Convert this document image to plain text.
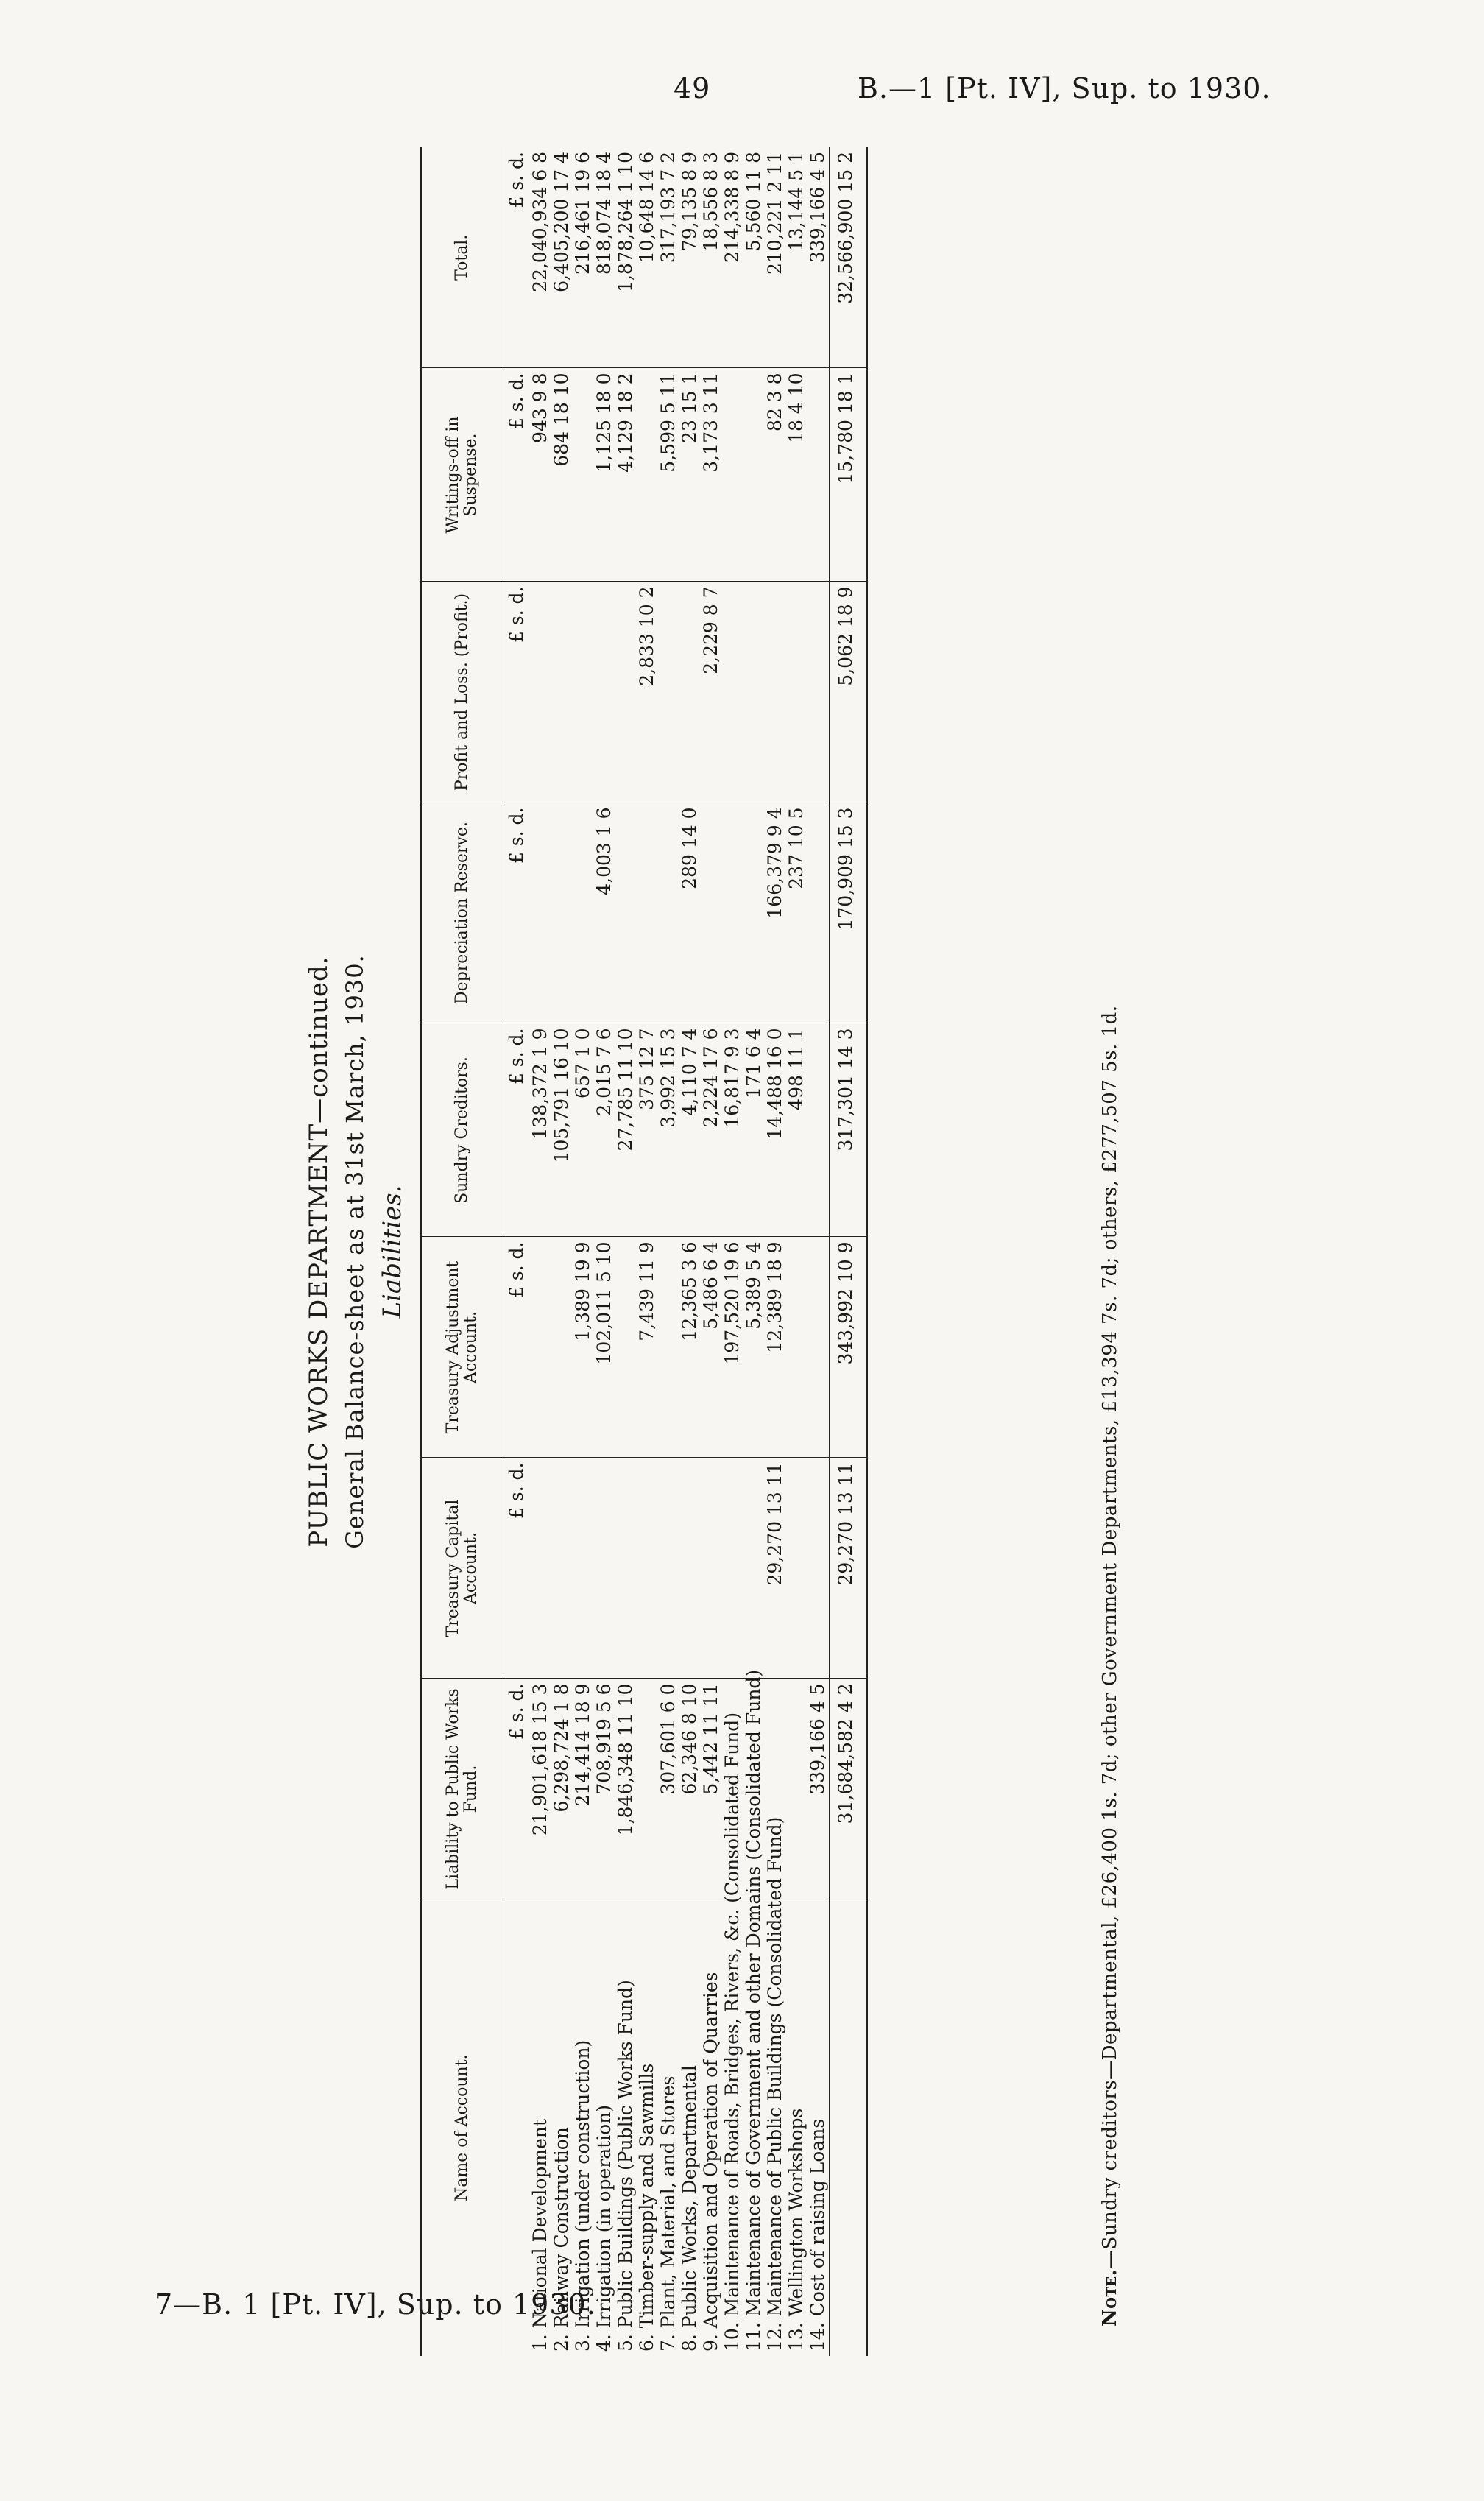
49	B.—1 [Pt. IV], Sup. to 1930.
7—B. 1 [Pt. IV], Sup. to 1930.
PUBLIC WORKS DEPARTMENT—continued. General Balance-sheet as at 31st March, 1930. Liabilities.
Name of Account.	Liability to Public Works Fund.	Treasury Capital Account.	Treasury Adjustment Account.	Sundry Creditors.	Depreciation Reserve.	Profit and Loss. (Profit.)	Writings-off in Suspense.	Total.
	£ s. d.	£ s. d.	£ s. d.	£ s. d.	£ s. d.	£ s. d.	£ s. d.	£ s. d.
1. National Development	21,901,618 15 3			138,372 1 9			943 9 8	22,040,934 6 8
2. Railway Construction	6,298,724 1 8			105,791 16 10			684 18 10	6,405,200 17 4
3. Irrigation (under construction)	214,414 18 9		1,389 19 9	657 1 0				216,461 19 6
4. Irrigation (in operation)	708,919 5 6		102,011 5 10	2,015 7 6	4,003 1 6		1,125 18 0	818,074 18 4
5. Public Buildings (Public Works Fund)	1,846,348 11 10			27,785 11 10			4,129 18 2	1,878,264 1 10
6. Timber-supply and Sawmills			7,439 11 9	375 12 7		2,833 10 2		10,648 14 6
7. Plant, Material, and Stores	307,601 6 0			3,992 15 3			5,599 5 11	317,193 7 2
8. Public Works, Departmental	62,346 8 10		12,365 3 6	4,110 7 4	289 14 0		23 15 1	79,135 8 9
9. Acquisition and Operation of Quarries	5,442 11 11		5,486 6 4	2,224 17 6		2,229 8 7	3,173 3 11	18,556 8 3
10. Maintenance of Roads, Bridges, Rivers, &c. (Consolidated Fund)			197,520 19 6	16,817 9 3				214,338 8 9
11. Maintenance of Government and other Domains (Consolidated Fund)			5,389 5 4	171 6 4				5,560 11 8
12. Maintenance of Public Buildings (Consolidated Fund)		29,270 13 11	12,389 18 9	14,488 16 0	166,379 9 4		82 3 8	210,221 2 11
13. Wellington Workshops				498 11 1	237 10 5		18 4 10	13,144 5 1
14. Cost of raising Loans	339,166 4 5							339,166 4 5
	31,684,582 4 2	29,270 13 11	343,992 10 9	317,301 14 3	170,909 15 3	5,062 18 9	15,780 18 1	32,566,900 15 2
Note.—Sundry creditors—Departmental, £26,400 1s. 7d; other Government Departments, £13,394 7s. 7d; others, £277,507 5s. 1d.
